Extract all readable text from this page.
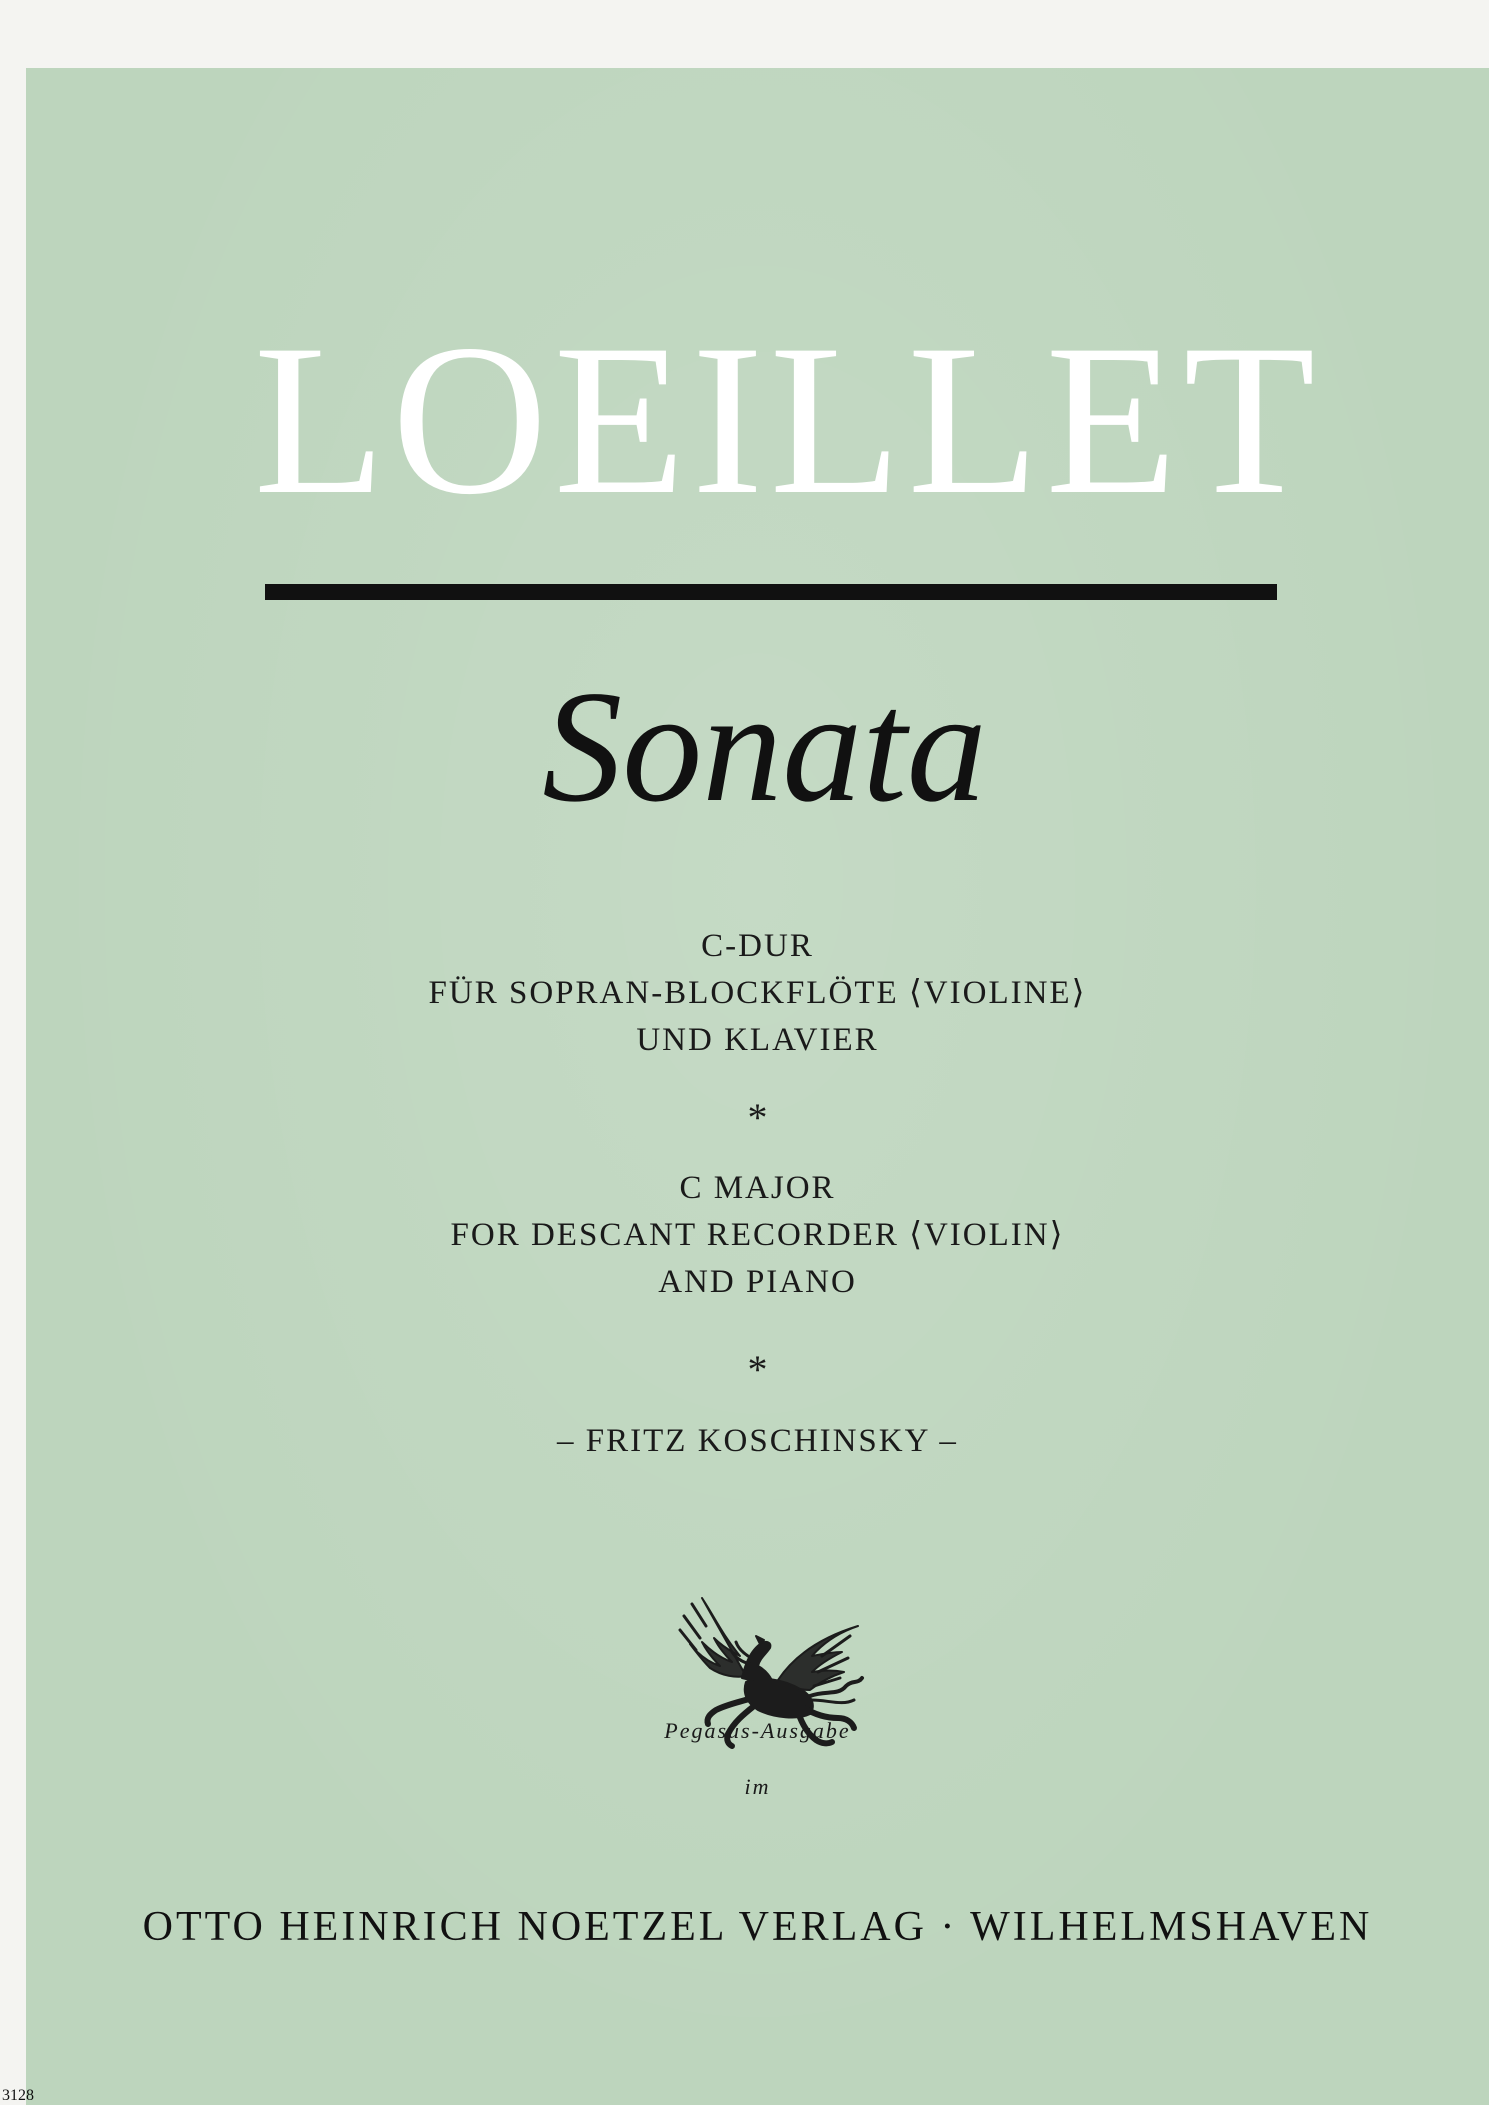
LOEILLET
Sonata

C-DUR

FÜR SOPRAN-BLOCKFLÖTE ⟨VIOLINE⟩

UND KLAVIER

*

C MAJOR

FOR DESCANT RECORDER ⟨VIOLIN⟩

AND PIANO

*

– FRITZ KOSCHINSKY –

Pegasus-Ausgabe

im

OTTO HEINRICH NOETZEL VERLAG · WILHELMSHAVEN

3128
